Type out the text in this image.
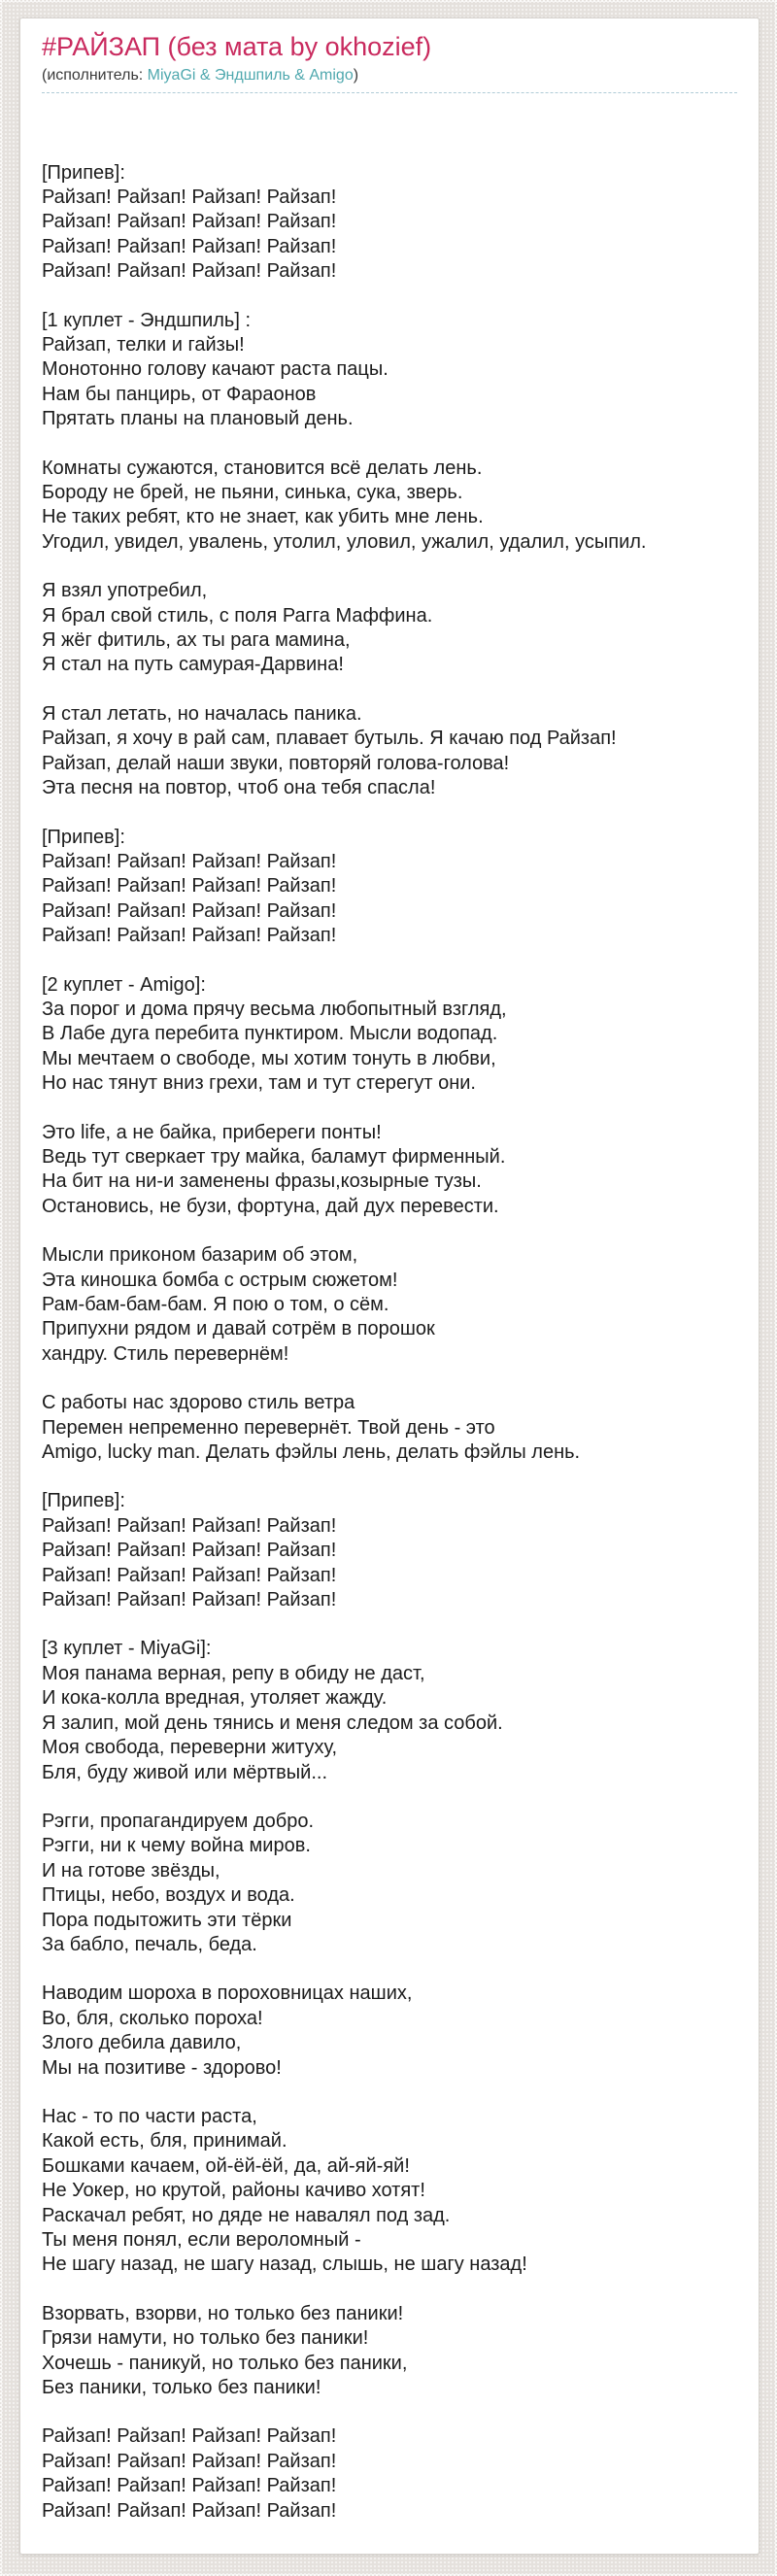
#РАЙЗАП (без мата by okhozief)
(исполнитель: MiyaGi & Эндшпиль & Amigo)
[Припев]:
Райзап! Райзап! Райзап! Райзап!
Райзап! Райзап! Райзап! Райзап!
Райзап! Райзап! Райзап! Райзап!
Райзап! Райзап! Райзап! Райзап!
[1 куплет - Эндшпиль] :
Райзап, телки и гайзы!
Монотонно голову качают раста пацы.
Нам бы панцирь, от Фараонов
Прятать планы на плановый день.
Комнаты сужаются, становится всё делать лень.
Бороду не брей, не пьяни, синька, сука, зверь.
Не таких ребят, кто не знает, как убить мне лень.
Угодил, увидел, увалень, утолил, уловил, ужалил, удалил, усыпил.
Я взял употребил,
Я брал свой стиль, с поля Рагга Маффина.
Я жёг фитиль, ах ты рага мамина,
Я стал на путь самурая-Дарвина!
Я стал летать, но началась паника.
Райзап, я хочу в рай сам, плавает бутыль. Я качаю под Райзап!
Райзап, делай наши звуки, повторяй голова-голова!
Эта песня на повтор, чтоб она тебя спасла!
[Припев]:
Райзап! Райзап! Райзап! Райзап!
Райзап! Райзап! Райзап! Райзап!
Райзап! Райзап! Райзап! Райзап!
Райзап! Райзап! Райзап! Райзап!
[2 куплет - Amigo]:
За порог и дома прячу весьма любопытный взгляд,
В Лабе дуга перебита пунктиром. Мысли водопад.
Мы мечтаем о свободе, мы хотим тонуть в любви,
Но нас тянут вниз грехи, там и тут стерегут они.
Это life, а не байка, прибереги понты!
Ведь тут сверкает тру майка, баламут фирменный.
На бит на ни-и заменены фразы,козырные тузы.
Остановись, не бузи, фортуна, дай дух перевести.
Мысли приконом базарим об этом,
Эта киношка бомба с острым сюжетом!
Рам-бам-бам-бам. Я пою о том, о сём.
Припухни рядом и давай сотрём в порошок
хандру. Стиль перевернём!
С работы нас здорово стиль ветра
Перемен непременно перевернёт. Твой день - это
Amigo, lucky man. Делать фэйлы лень, делать фэйлы лень.
[Припев]:
Райзап! Райзап! Райзап! Райзап!
Райзап! Райзап! Райзап! Райзап!
Райзап! Райзап! Райзап! Райзап!
Райзап! Райзап! Райзап! Райзап!
[3 куплет - MiyaGi]:
Моя панама верная, репу в обиду не даст,
И кока-колла вредная, утоляет жажду.
Я залип, мой день тянись и меня следом за собой.
Моя свобода, переверни житуху,
Бля, буду живой или мёртвый...
Рэгги, пропагандируем добро.
Рэгги, ни к чему война миров.
И на готове звёзды,
Птицы, небо, воздух и вода.
Пора подытожить эти тёрки
За бабло, печаль, беда.
Наводим шороха в пороховницах наших,
Во, бля, сколько пороха!
Злого дебила давило,
Мы на позитиве - здорово!
Нас - то по части раста,
Какой есть, бля, принимай.
Бошками качаем, ой-ёй-ёй, да, ай-яй-яй!
Не Уокер, но крутой, районы качиво хотят!
Раскачал ребят, но дяде не навалял под зад.
Ты меня понял, если вероломный -
Не шагу назад, не шагу назад, слышь, не шагу назад!
Взорвать, взорви, но только без паники!
Грязи намути, но только без паники!
Хочешь - паникуй, но только без паники,
Без паники, только без паники!
Райзап! Райзап! Райзап! Райзап!
Райзап! Райзап! Райзап! Райзап!
Райзап! Райзап! Райзап! Райзап!
Райзап! Райзап! Райзап! Райзап!
